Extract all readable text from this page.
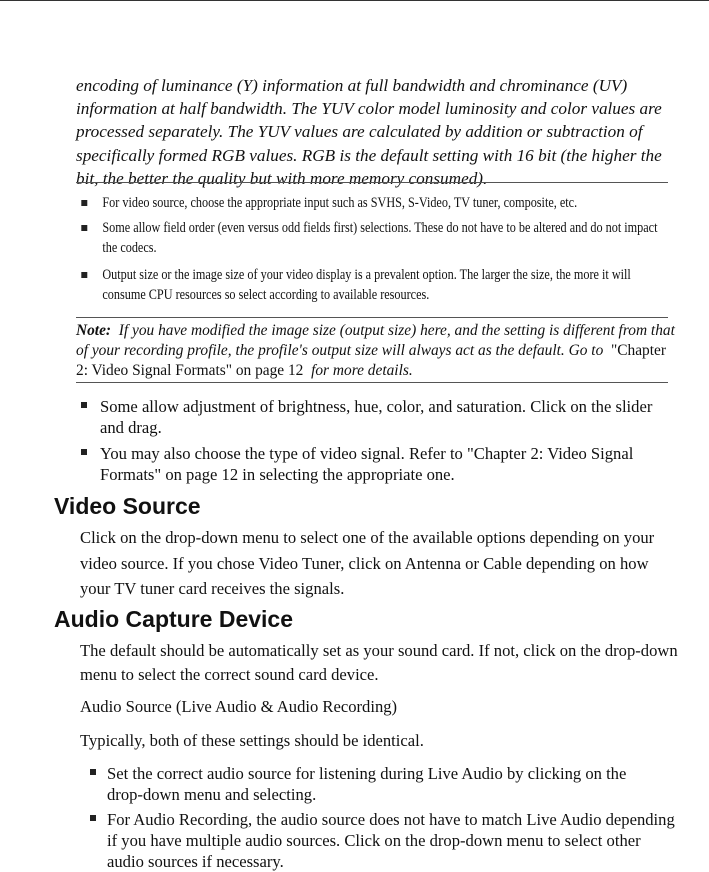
encoding of luminance (Y) information at full bandwidth and chrominance (UV) information at half bandwidth. The YUV color model luminosity and color values are processed separately. The YUV values are calculated by addition or subtraction of specifically formed RGB values. RGB is the default setting with 16 bit (the higher the bit, the better the quality but with more memory consumed).
For video source, choose the appropriate input such as SVHS, S-Video, TV tuner, composite, etc.
Some allow field order (even versus odd fields first) selections. These do not have to be altered and do not impact the codecs.
Output size or the image size of your video display is a prevalent option. The larger the size, the more it will consume CPU resources so select according to available resources.
Note: If you have modified the image size (output size) here, and the setting is different from that of your recording profile, the profile's output size will always act as the default. Go to "Chapter 2: Video Signal Formats" on page 12 for more details.
Some allow adjustment of brightness, hue, color, and saturation. Click on the slider and drag.
You may also choose the type of video signal. Refer to "Chapter 2: Video Signal Formats" on page 12 in selecting the appropriate one.
Video Source
Click on the drop-down menu to select one of the available options depending on your video source. If you chose Video Tuner, click on Antenna or Cable depending on how your TV tuner card receives the signals.
Audio Capture Device
The default should be automatically set as your sound card. If not, click on the drop-down menu to select the correct sound card device.
Audio Source (Live Audio & Audio Recording)
Typically, both of these settings should be identical.
Set the correct audio source for listening during Live Audio by clicking on the drop-down menu and selecting.
For Audio Recording, the audio source does not have to match Live Audio depending if you have multiple audio sources. Click on the drop-down menu to select other audio sources if necessary.
